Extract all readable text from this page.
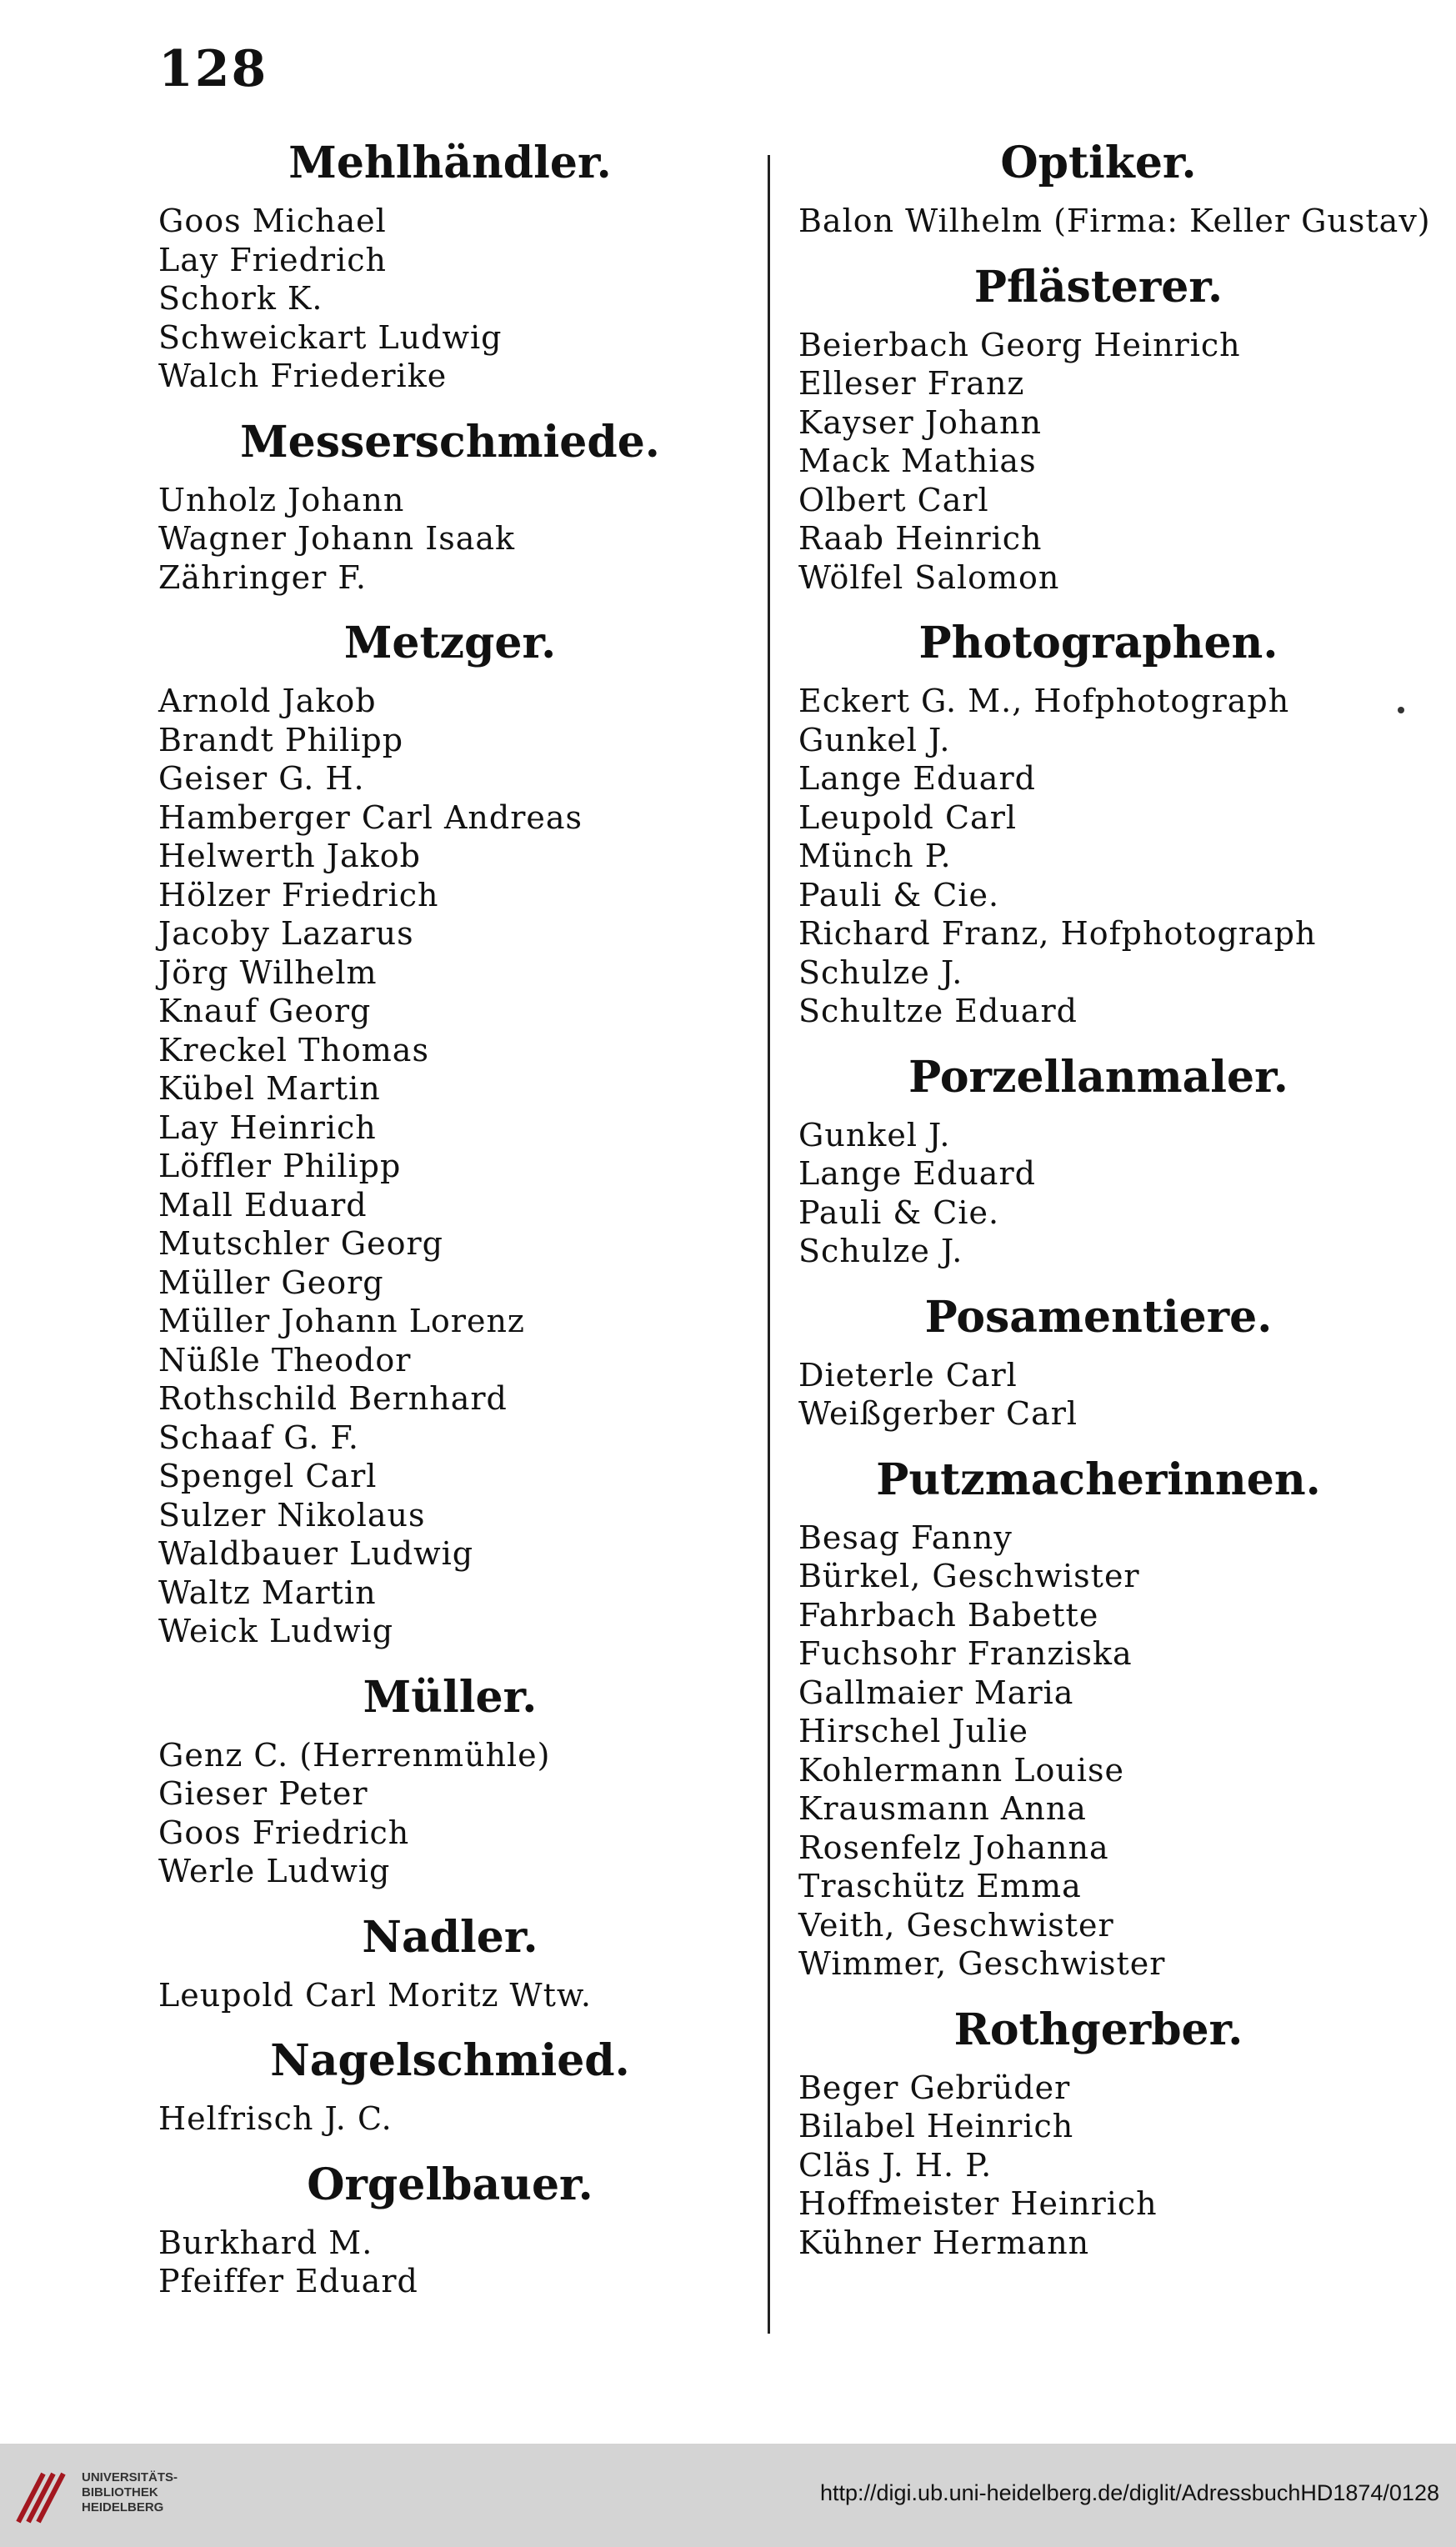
128
Mehlhändler.
Goos Michael
Lay Friedrich
Schork K.
Schweickart Ludwig
Walch Friederike
Messerschmiede.
Unholz Johann
Wagner Johann Isaak
Zähringer F.
Metzger.
Arnold Jakob
Brandt Philipp
Geiser G. H.
Hamberger Carl Andreas
Helwerth Jakob
Hölzer Friedrich
Jacoby Lazarus
Jörg Wilhelm
Knauf Georg
Kreckel Thomas
Kübel Martin
Lay Heinrich
Löffler Philipp
Mall Eduard
Mutschler Georg
Müller Georg
Müller Johann Lorenz
Nüßle Theodor
Rothschild Bernhard
Schaaf G. F.
Spengel Carl
Sulzer Nikolaus
Waldbauer Ludwig
Waltz Martin
Weick Ludwig
Müller.
Genz C. (Herrenmühle)
Gieser Peter
Goos Friedrich
Werle Ludwig
Nadler.
Leupold Carl Moritz Wtw.
Nagelschmied.
Helfrisch J. C.
Orgelbauer.
Burkhard M.
Pfeiffer Eduard
Optiker.
Balon Wilhelm (Firma: Keller Gustav)
Pflästerer.
Beierbach Georg Heinrich
Elleser Franz
Kayser Johann
Mack Mathias
Olbert Carl
Raab Heinrich
Wölfel Salomon
Photographen.
Eckert G. M., Hofphotograph
Gunkel J.
Lange Eduard
Leupold Carl
Münch P.
Pauli & Cie.
Richard Franz, Hofphotograph
Schulze J.
Schultze Eduard
Porzellanmaler.
Gunkel J.
Lange Eduard
Pauli & Cie.
Schulze J.
Posamentiere.
Dieterle Carl
Weißgerber Carl
Putzmacherinnen.
Besag Fanny
Bürkel, Geschwister
Fahrbach Babette
Fuchsohr Franziska
Gallmaier Maria
Hirschel Julie
Kohlermann Louise
Krausmann Anna
Rosenfelz Johanna
Traschütz Emma
Veith, Geschwister
Wimmer, Geschwister
Rothgerber.
Beger Gebrüder
Bilabel Heinrich
Cläs J. H. P.
Hoffmeister Heinrich
Kühner Hermann
UNIVERSITÄTS-
BIBLIOTHEK
HEIDELBERG
http://digi.ub.uni-heidelberg.de/diglit/AdressbuchHD1874/0128
